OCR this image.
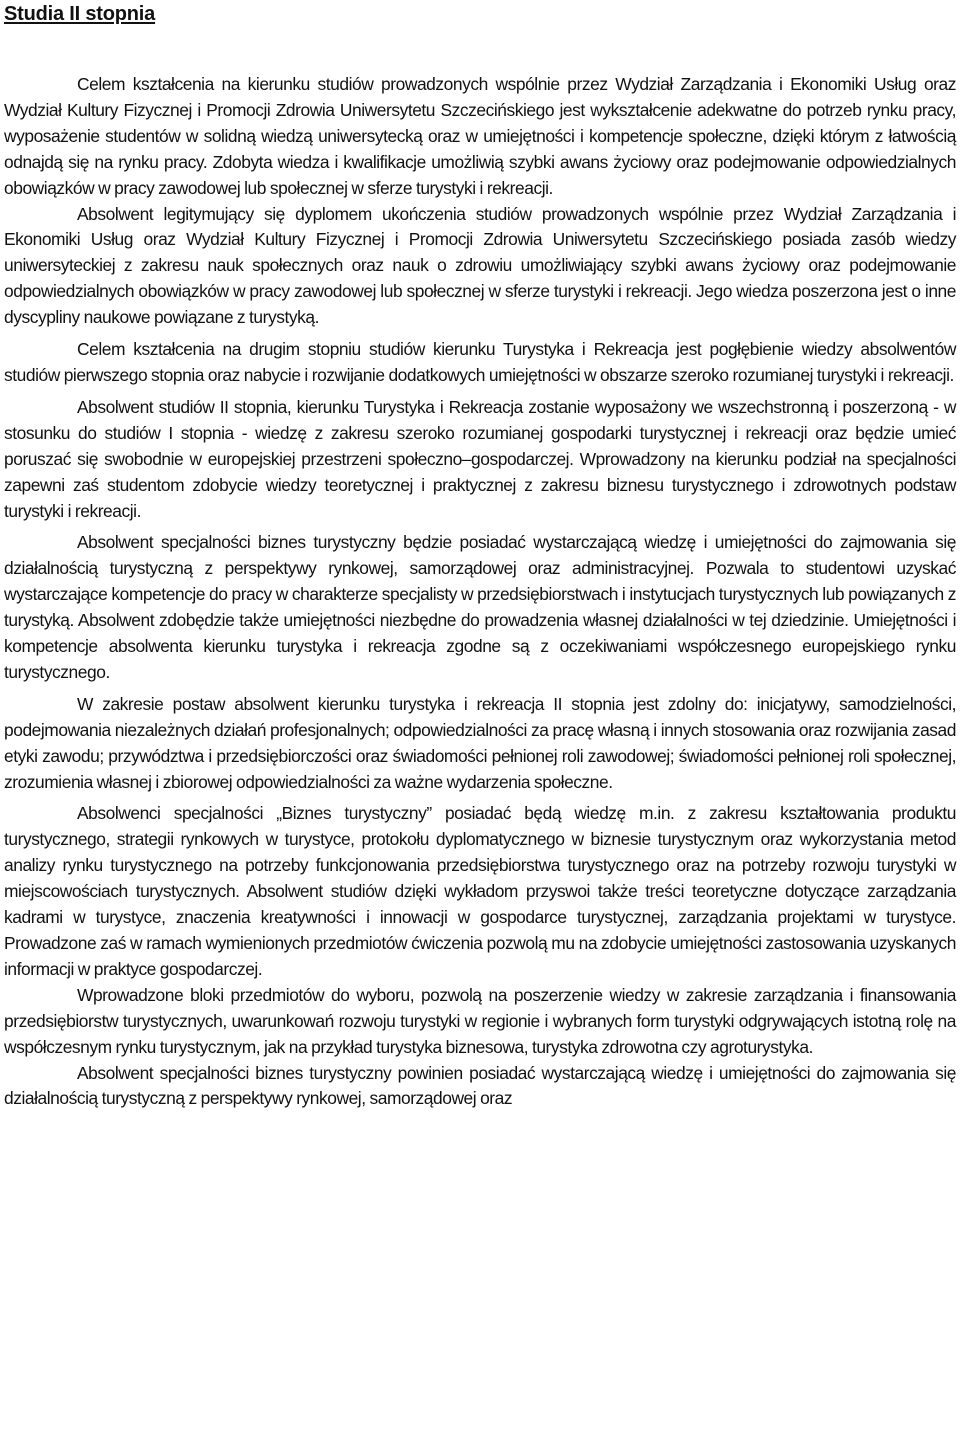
Studia II stopnia

Celem kształcenia na kierunku studiów prowadzonych wspólnie przez Wydział Zarządzania i Ekonomiki Usług oraz Wydział Kultury Fizycznej i Promocji Zdrowia Uniwersytetu Szczecińskiego jest wykształcenie adekwatne do potrzeb rynku pracy, wyposażenie studentów w solidną wiedzą uniwersytecką oraz w umiejętności i kompetencje społeczne, dzięki którym z łatwością odnajdą się na rynku pracy. Zdobyta wiedza i kwalifikacje umożliwią szybki awans życiowy oraz podejmowanie odpowiedzialnych obowiązków w pracy zawodowej lub społecznej w sferze turystyki i rekreacji.

Absolwent legitymujący się dyplomem ukończenia studiów prowadzonych wspólnie przez Wydział Zarządzania i Ekonomiki Usług oraz Wydział Kultury Fizycznej i Promocji Zdrowia Uniwersytetu Szczecińskiego posiada zasób wiedzy uniwersyteckiej z zakresu nauk społecznych oraz nauk o zdrowiu umożliwiający szybki awans życiowy oraz podejmowanie odpowiedzialnych obowiązków w pracy zawodowej lub społecznej w sferze turystyki i rekreacji. Jego wiedza poszerzona jest o inne dyscypliny naukowe powiązane z turystyką.

Celem kształcenia na drugim stopniu studiów kierunku Turystyka i Rekreacja jest pogłębienie wiedzy absolwentów studiów pierwszego stopnia oraz nabycie i rozwijanie dodatkowych umiejętności w obszarze szeroko rozumianej turystyki i rekreacji.

Absolwent studiów II stopnia, kierunku Turystyka i Rekreacja zostanie wyposażony we wszechstronną i poszerzoną - w stosunku do studiów I stopnia - wiedzę z zakresu szeroko rozumianej gospodarki turystycznej i rekreacji oraz będzie umieć poruszać się swobodnie w europejskiej przestrzeni społeczno–gospodarczej. Wprowadzony na kierunku podział na specjalności zapewni zaś studentom zdobycie wiedzy teoretycznej i praktycznej z zakresu biznesu turystycznego i zdrowotnych podstaw turystyki i rekreacji.

Absolwent specjalności biznes turystyczny będzie posiadać wystarczającą wiedzę i umiejętności do zajmowania się działalnością turystyczną z perspektywy rynkowej, samorządowej oraz administracyjnej. Pozwala to studentowi uzyskać wystarczające kompetencje do pracy w charakterze specjalisty w przedsiębiorstwach i instytucjach turystycznych lub powiązanych z turystyką. Absolwent zdobędzie także umiejętności niezbędne do prowadzenia własnej działalności w tej dziedzinie. Umiejętności i kompetencje absolwenta kierunku turystyka i rekreacja zgodne są z oczekiwaniami współczesnego europejskiego rynku turystycznego.

W zakresie postaw absolwent kierunku turystyka i rekreacja II stopnia jest zdolny do: inicjatywy, samodzielności, podejmowania niezależnych działań profesjonalnych; odpowiedzialności za pracę własną i innych stosowania oraz rozwijania zasad etyki zawodu; przywództwa i przedsiębiorczości oraz świadomości pełnionej roli zawodowej; świadomości pełnionej roli społecznej, zrozumienia własnej i zbiorowej odpowiedzialności za ważne wydarzenia społeczne.

Absolwenci specjalności „Biznes turystyczny” posiadać będą wiedzę m.in. z zakresu kształtowania produktu turystycznego, strategii rynkowych w turystyce, protokołu dyplomatycznego w biznesie turystycznym oraz wykorzystania metod analizy rynku turystycznego na potrzeby funkcjonowania przedsiębiorstwa turystycznego oraz na potrzeby rozwoju turystyki w miejscowościach turystycznych. Absolwent studiów dzięki wykładom przyswoi także treści teoretyczne dotyczące zarządzania kadrami w turystyce, znaczenia kreatywności i innowacji w gospodarce turystycznej, zarządzania projektami w turystyce. Prowadzone zaś w ramach wymienionych przedmiotów ćwiczenia pozwolą mu na zdobycie umiejętności zastosowania uzyskanych informacji w praktyce gospodarczej.

Wprowadzone bloki przedmiotów do wyboru, pozwolą na poszerzenie wiedzy w zakresie zarządzania i finansowania przedsiębiorstw turystycznych, uwarunkowań rozwoju turystyki w regionie i wybranych form turystyki odgrywających istotną rolę na współczesnym rynku turystycznym, jak na przykład turystyka biznesowa, turystyka zdrowotna czy agroturystyka.

Absolwent specjalności biznes turystyczny powinien posiadać wystarczającą wiedzę i umiejętności do zajmowania się działalnością turystyczną z perspektywy rynkowej, samorządowej oraz
